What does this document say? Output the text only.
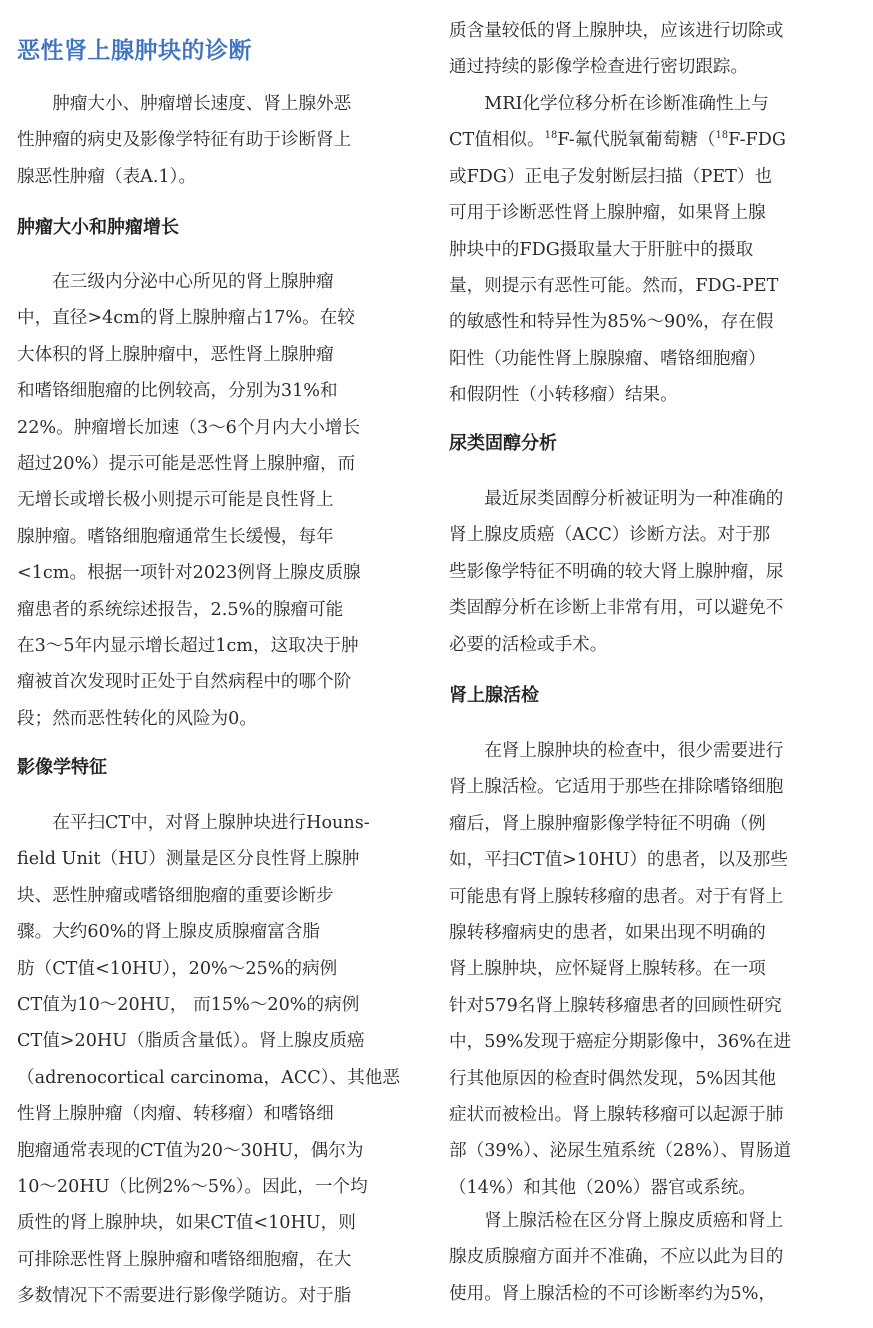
恶性肾上腺肿块的诊断
　　肿瘤大小、肿瘤增长速度、肾上腺外恶
性肿瘤的病史及影像学特征有助于诊断肾上
腺恶性肿瘤（表A.1）。
肿瘤大小和肿瘤增长
　　在三级内分泌中心所见的肾上腺肿瘤
中，直径>4cm的肾上腺肿瘤占17%。在较
大体积的肾上腺肿瘤中，恶性肾上腺肿瘤
和嗜铬细胞瘤的比例较高，分别为31%和
22%。肿瘤增长加速（3～6个月内大小增长
超过20%）提示可能是恶性肾上腺肿瘤，而
无增长或增长极小则提示可能是良性肾上
腺肿瘤。嗜铬细胞瘤通常生长缓慢，每年
<1cm。根据一项针对2023例肾上腺皮质腺
瘤患者的系统综述报告，2.5%的腺瘤可能
在3～5年内显示增长超过1cm，这取决于肿
瘤被首次发现时正处于自然病程中的哪个阶
段；然而恶性转化的风险为0。
影像学特征
　　在平扫CT中，对肾上腺肿块进行Houns-
field Unit（HU）测量是区分良性肾上腺肿
块、恶性肿瘤或嗜铬细胞瘤的重要诊断步
骤。大约60%的肾上腺皮质腺瘤富含脂
肪（CT值<10HU），20%～25%的病例
CT值为10～20HU， 而15%～20%的病例
CT值>20HU（脂质含量低）。肾上腺皮质癌
（adrenocortical carcinoma，ACC）、其他恶
性肾上腺肿瘤（肉瘤、转移瘤）和嗜铬细
胞瘤通常表现的CT值为20～30HU，偶尔为
10～20HU（比例2%～5%）。因此，一个均
质性的肾上腺肿块，如果CT值<10HU，则
可排除恶性肾上腺肿瘤和嗜铬细胞瘤，在大
多数情况下不需要进行影像学随访。对于脂
质含量较低的肾上腺肿块，应该进行切除或
通过持续的影像学检查进行密切跟踪。
　　MRI化学位移分析在诊断准确性上与
CT值相似。$^{18}$F-氟代脱氧葡萄糖（$^{18}$F-FDG
或FDG）正电子发射断层扫描（PET）也
可用于诊断恶性肾上腺肿瘤，如果肾上腺
肿块中的FDG摄取量大于肝脏中的摄取
量，则提示有恶性可能。然而，FDG-PET
的敏感性和特异性为85%～90%，存在假
阳性（功能性肾上腺腺瘤、嗜铬细胞瘤）
和假阴性（小转移瘤）结果。
尿类固醇分析
　　最近尿类固醇分析被证明为一种准确的
肾上腺皮质癌（ACC）诊断方法。对于那
些影像学特征不明确的较大肾上腺肿瘤，尿
类固醇分析在诊断上非常有用，可以避免不
必要的活检或手术。
肾上腺活检
　　在肾上腺肿块的检查中，很少需要进行
肾上腺活检。它适用于那些在排除嗜铬细胞
瘤后，肾上腺肿瘤影像学特征不明确（例
如，平扫CT值>10HU）的患者，以及那些
可能患有肾上腺转移瘤的患者。对于有肾上
腺转移瘤病史的患者，如果出现不明确的
肾上腺肿块，应怀疑肾上腺转移。在一项
针对579名肾上腺转移瘤患者的回顾性研究
中，59%发现于癌症分期影像中，36%在进
行其他原因的检查时偶然发现，5%因其他
症状而被检出。肾上腺转移瘤可以起源于肺
部（39%）、泌尿生殖系统（28%）、胃肠道
（14%）和其他（20%）器官或系统。
　　肾上腺活检在区分肾上腺皮质癌和肾上
腺皮质腺瘤方面并不准确，不应以此为目的
使用。肾上腺活检的不可诊断率约为5%，
